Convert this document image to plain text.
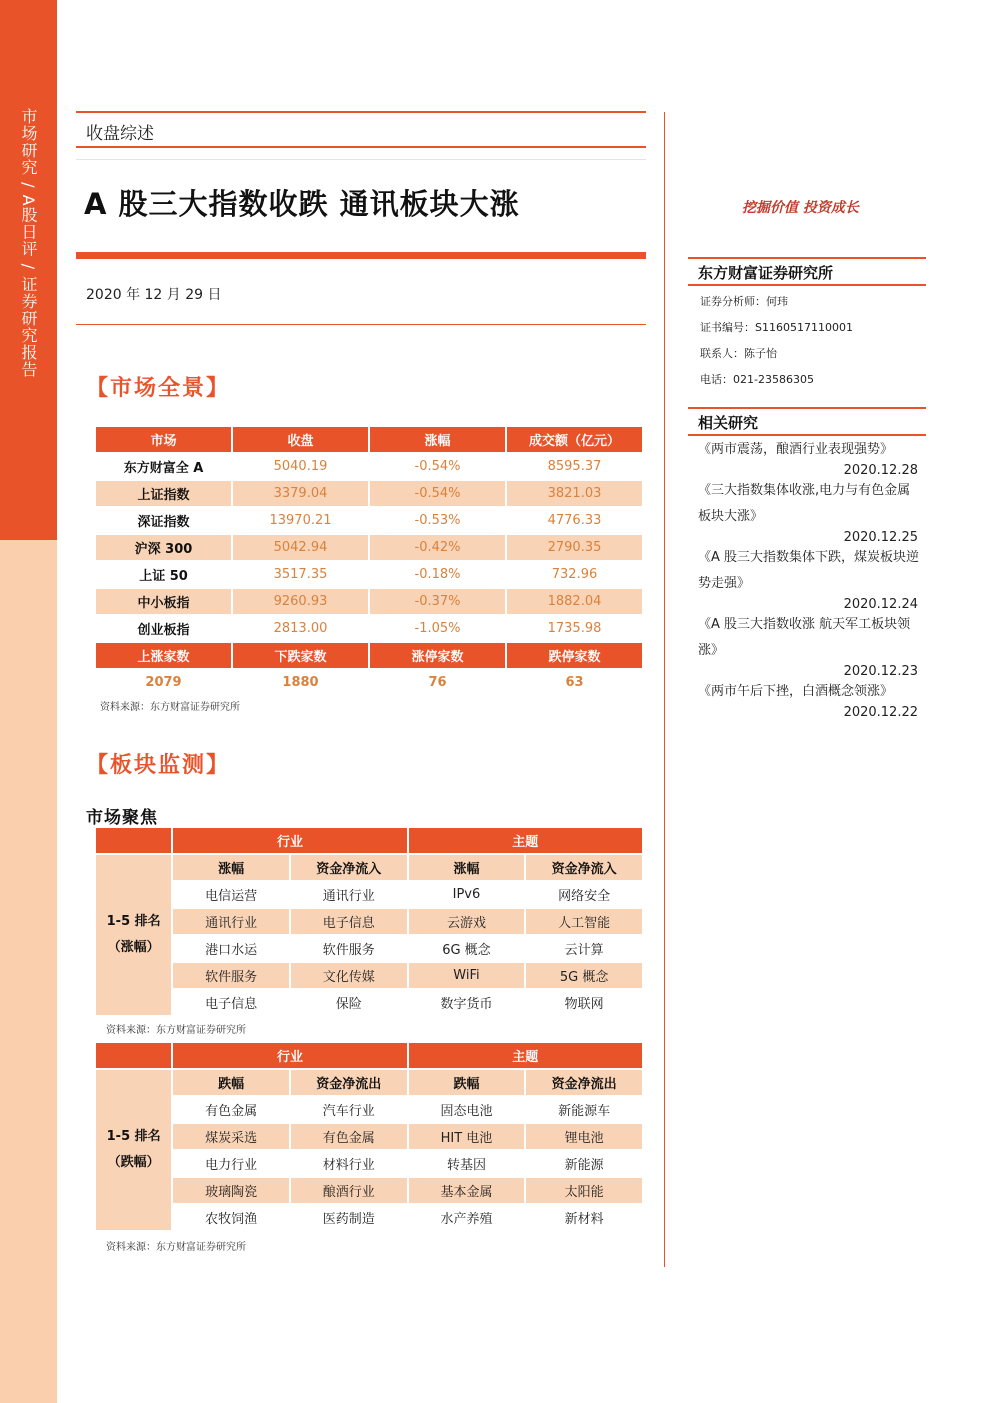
市场研究 / A股日评 / 证券研究报告	收盘综述
A 股三大指数收跌 通讯板块大涨
2020 年 12 月 29 日
【市场全景】
市场	收盘	涨幅	成交额（亿元）
东方财富全 A	5040.19	-0.54%	8595.37
上证指数	3379.04	-0.54%	3821.03
深证指数	13970.21	-0.53%	4776.33
沪深 300	5042.94	-0.42%	2790.35
上证 50	3517.35	-0.18%	732.96
中小板指	9260.93	-0.37%	1882.04
创业板指	2813.00	-1.05%	1735.98
上涨家数	下跌家数	涨停家数	跌停家数
2079	1880	76	63
资料来源：东方财富证券研究所
【板块监测】
市场聚焦
	行业		主题	

1-5 排名
（涨幅）	涨幅	资金净流入	涨幅	资金净流入
	电信运营	通讯行业	IPv6	网络安全
	通讯行业	电子信息	云游戏	人工智能
	港口水运	软件服务	6G 概念	云计算
	软件服务	文化传媒	WiFi	5G 概念
	电子信息	保险	数字货币	物联网
资料来源：东方财富证券研究所
	行业		主题	

1-5 排名
（跌幅）	跌幅	资金净流出	跌幅	资金净流出
	有色金属	汽车行业	固态电池	新能源车
	煤炭采选	有色金属	HIT 电池	锂电池
	电力行业	材料行业	转基因	新能源
	玻璃陶瓷	酿酒行业	基本金属	太阳能
	农牧饲渔	医药制造	水产养殖	新材料
资料来源：东方财富证券研究所
挖掘价值 投资成长
东方财富证券研究所
证券分析师：何玮
证书编号：S1160517110001
联系人：陈子怡
电话：021-23586305
相关研究
《两市震荡，酿酒行业表现强势》
2020.12.28
《三大指数集体收涨,电力与有色金属板块大涨》
2020.12.25
《A 股三大指数集体下跌，煤炭板块逆势走强》
2020.12.24
《A 股三大指数收涨 航天军工板块领涨》
2020.12.23
《两市午后下挫，白酒概念领涨》
2020.12.22
